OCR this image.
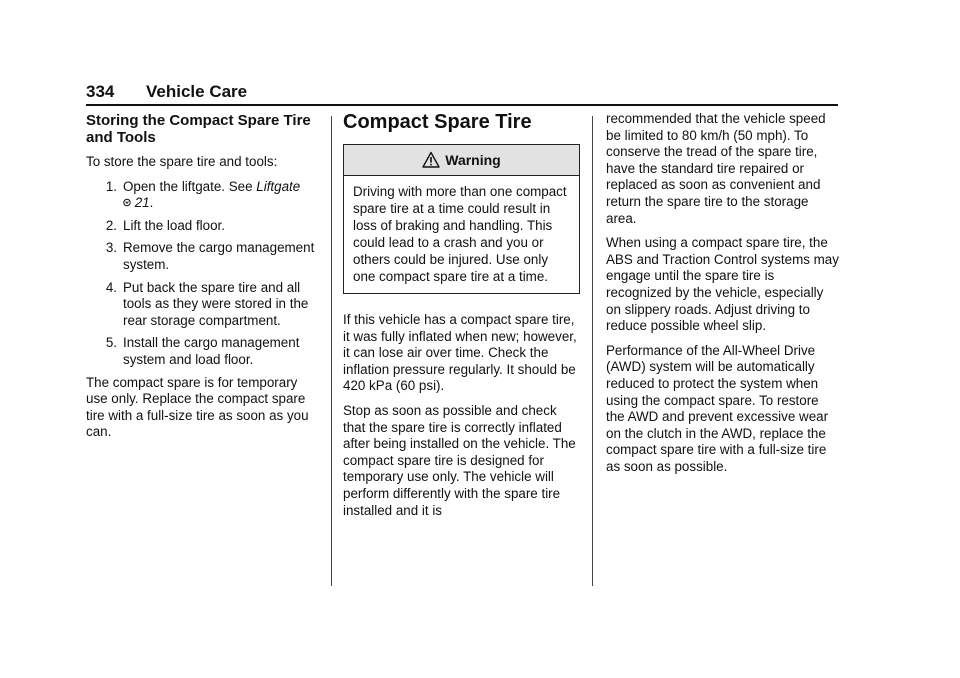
334 Vehicle Care
Storing the Compact Spare Tire and Tools

To store the spare tire and tools:

1. Open the liftgate. See Liftgate
21.
2. Lift the load floor.
3. Remove the cargo management system.
4. Put back the spare tire and all tools as they were stored in the rear storage compartment.
5. Install the cargo management system and load floor.

The compact spare is for temporary use only. Replace the compact spare tire with a full-size tire as soon as you can.

Compact Spare Tire
Warning
Driving with more than one compact spare tire at a time could result in loss of braking and handling. This could lead to a crash and you or others could be injured. Use only one compact spare tire at a time.

If this vehicle has a compact spare tire, it was fully inflated when new; however, it can lose air over time. Check the inflation pressure regularly. It should be 420 kPa (60 psi).

Stop as soon as possible and check that the spare tire is correctly inflated after being installed on the vehicle. The compact spare tire is designed for temporary use only. The vehicle will perform differently with the spare tire installed and it is

recommended that the vehicle speed be limited to 80 km/h (50 mph). To conserve the tread of the spare tire, have the standard tire repaired or replaced as soon as convenient and return the spare tire to the storage area.

When using a compact spare tire, the ABS and Traction Control systems may engage until the spare tire is recognized by the vehicle, especially on slippery roads. Adjust driving to reduce possible wheel slip.

Performance of the All-Wheel Drive (AWD) system will be automatically reduced to protect the system when using the compact spare. To restore the AWD and prevent excessive wear on the clutch in the AWD, replace the compact spare tire with a full-size tire as soon as possible.
